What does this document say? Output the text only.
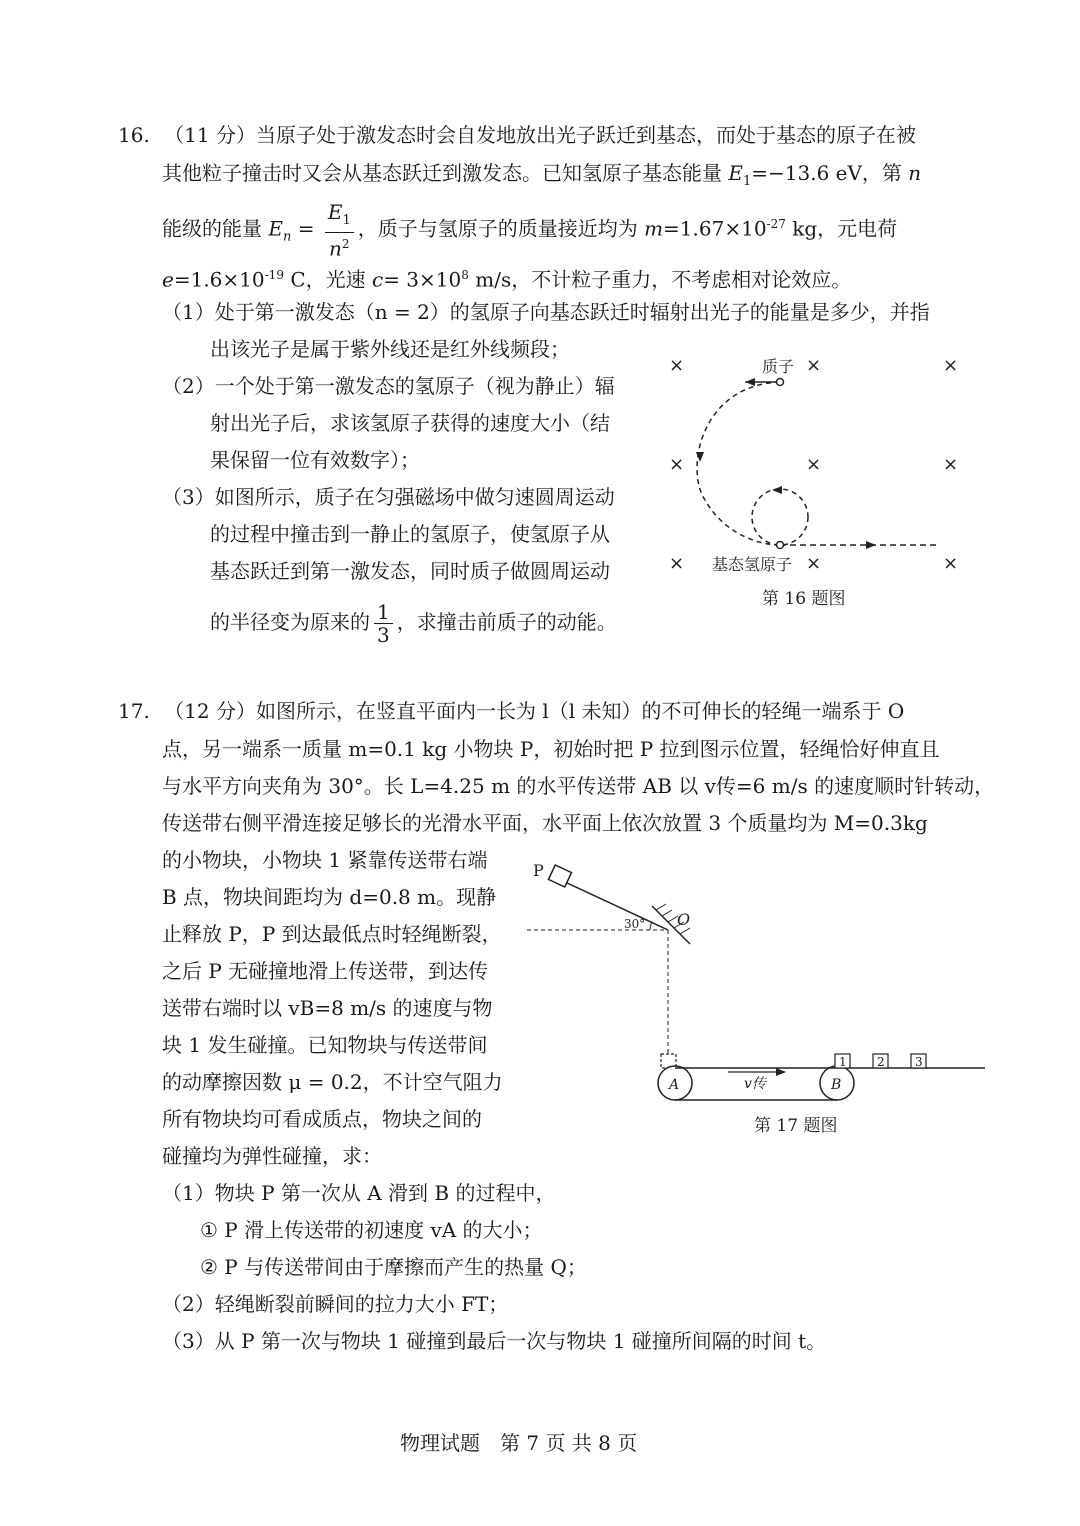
16. （11 分）当原子处于激发态时会自发地放出光子跃迁到基态，而处于基态的原子在被
其他粒子撞击时又会从基态跃迁到激发态。已知氢原子基态能量 $E_1=-13.6$ eV，第 n
能级的能量 $E_n = \frac{E_1}{n^2}$ ，质子与氢原子的质量接近均为 $m=1.67\times 10^{-27}$ kg，元电荷
$e=1.6\times 10^{-19}$ C，光速 $c= 3\times 10^8$ m/s，不计粒子重力，不考虑相对论效应。
（1）处于第一激发态（n = 2）的氢原子向基态跃迁时辐射出光子的能量是多少，并指
出该光子是属于紫外线还是红外线频段；
（2）一个处于第一激发态的氢原子（视为静止）辐
射出光子后，求该氢原子获得的速度大小（结
果保留一位有效数字）；
（3）如图所示，质子在匀强磁场中做匀速圆周运动
的过程中撞击到一静止的氢原子，使氢原子从
基态跃迁到第一激发态，同时质子做圆周运动
的半径变为原来的 $\frac{1}{3}$ ，求撞击前质子的动能。
×	×	×
×	×	×
×	×	×
质子
基态氢原子
第 16 题图
17. （12 分）如图所示，在竖直平面内一长为 l（l 未知）的不可伸长的轻绳一端系于 O
点，另一端系一质量 m=0.1 kg 小物块 P，初始时把 P 拉到图示位置，轻绳恰好伸直且
与水平方向夹角为 30°。长 L=4.25 m 的水平传送带 AB 以 v传=6 m/s 的速度顺时针转动，
传送带右侧平滑连接足够长的光滑水平面，水平面上依次放置 3 个质量均为 M=0.3kg
的小物块，小物块 1 紧靠传送带右端
B 点，物块间距均为 d=0.8 m。现静
止释放 P，P 到达最低点时轻绳断裂，
之后 P 无碰撞地滑上传送带，到达传
送带右端时以 vB=8 m/s 的速度与物
块 1 发生碰撞。已知物块与传送带间
的动摩擦因数 μ = 0.2，不计空气阻力
所有物块均可看成质点，物块之间的
碰撞均为弹性碰撞，求：
（1）物块 P 第一次从 A 滑到 B 的过程中，
① P 滑上传送带的初速度 vA 的大小；
② P 与传送带间由于摩擦而产生的热量 Q；
（2）轻绳断裂前瞬间的拉力大小 FT；
（3）从 P 第一次与物块 1 碰撞到最后一次与物块 1 碰撞所间隔的时间 t。
P
O
30°
A	B
v传
1	2	3
第 17 题图
物理试题　第 7 页 共 8 页
